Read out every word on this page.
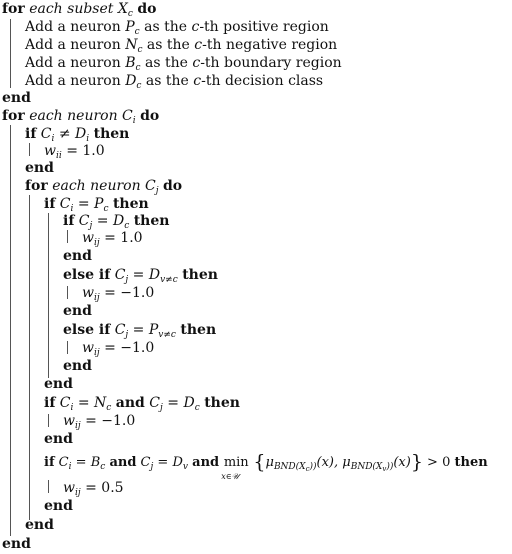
for each subset $X_c$ do
Add a neuron $P_c$ as the c-th positive region
Add a neuron $N_c$ as the c-th negative region
Add a neuron $B_c$ as the c-th boundary region
Add a neuron $D_c$ as the c-th decision class
end
for each neuron $C_i$ do
if $C_i \ne D_i$ then
$w_{ii} = 1.0$
end
for each neuron $C_j$ do
if $C_i = P_c$ then
if $C_j = D_c$ then
$w_{ij} = 1.0$
end
else if $C_j = D_{v\ne c}$ then
$w_{ij} = -1.0$
end
else if $C_j = P_{v\ne c}$ then
$w_{ij} = -1.0$
end
end
if $C_i = N_c$ and $C_j = D_c$ then
$w_{ij} = -1.0$
end
if $C_i = B_c$ and $C_j = D_v$ and min
x∈𝒰
{$\mu_{BND(X_c))}(x)$, $\mu_{BND(X_v))}(x)\} > 0$ then
$w_{ij} = 0.5$
end
end
end
